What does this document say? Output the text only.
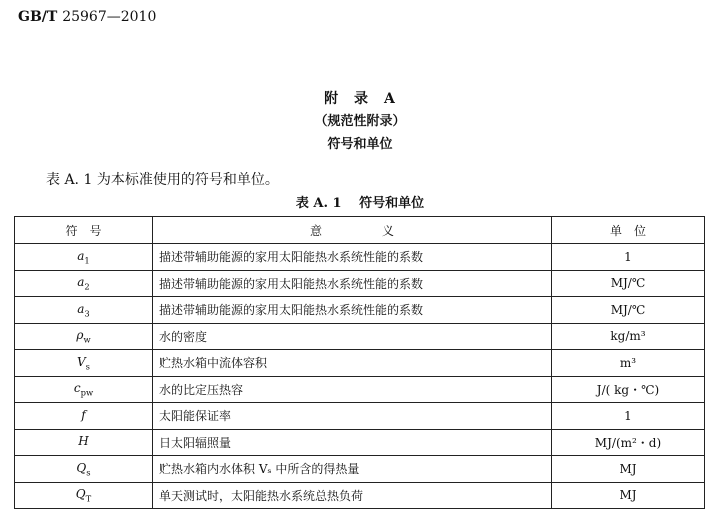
GB/T 25967—2010
附　录　A
（规范性附录）
符号和单位
表 A. 1 为本标准使用的符号和单位。
表 A. 1　 符号和单位
符　号	意　　　　　义	单　位
$a_1$	描述带辅助能源的家用太阳能热水系统性能的系数	1
$a_2$	描述带辅助能源的家用太阳能热水系统性能的系数	MJ/℃
$a_3$	描述带辅助能源的家用太阳能热水系统性能的系数	MJ/℃
$\rho_w$	水的密度	kg/m³
$V_s$	贮热水箱中流体容积	m³
$c_{pw}$	水的比定压热容	J/( kg・℃)
f	太阳能保证率	1
H	日太阳辐照量	MJ/(m²・d)
$Q_s$	贮热水箱内水体积 Vₛ 中所含的得热量	MJ
$Q_T$	单天测试时，太阳能热水系统总热负荷	MJ
